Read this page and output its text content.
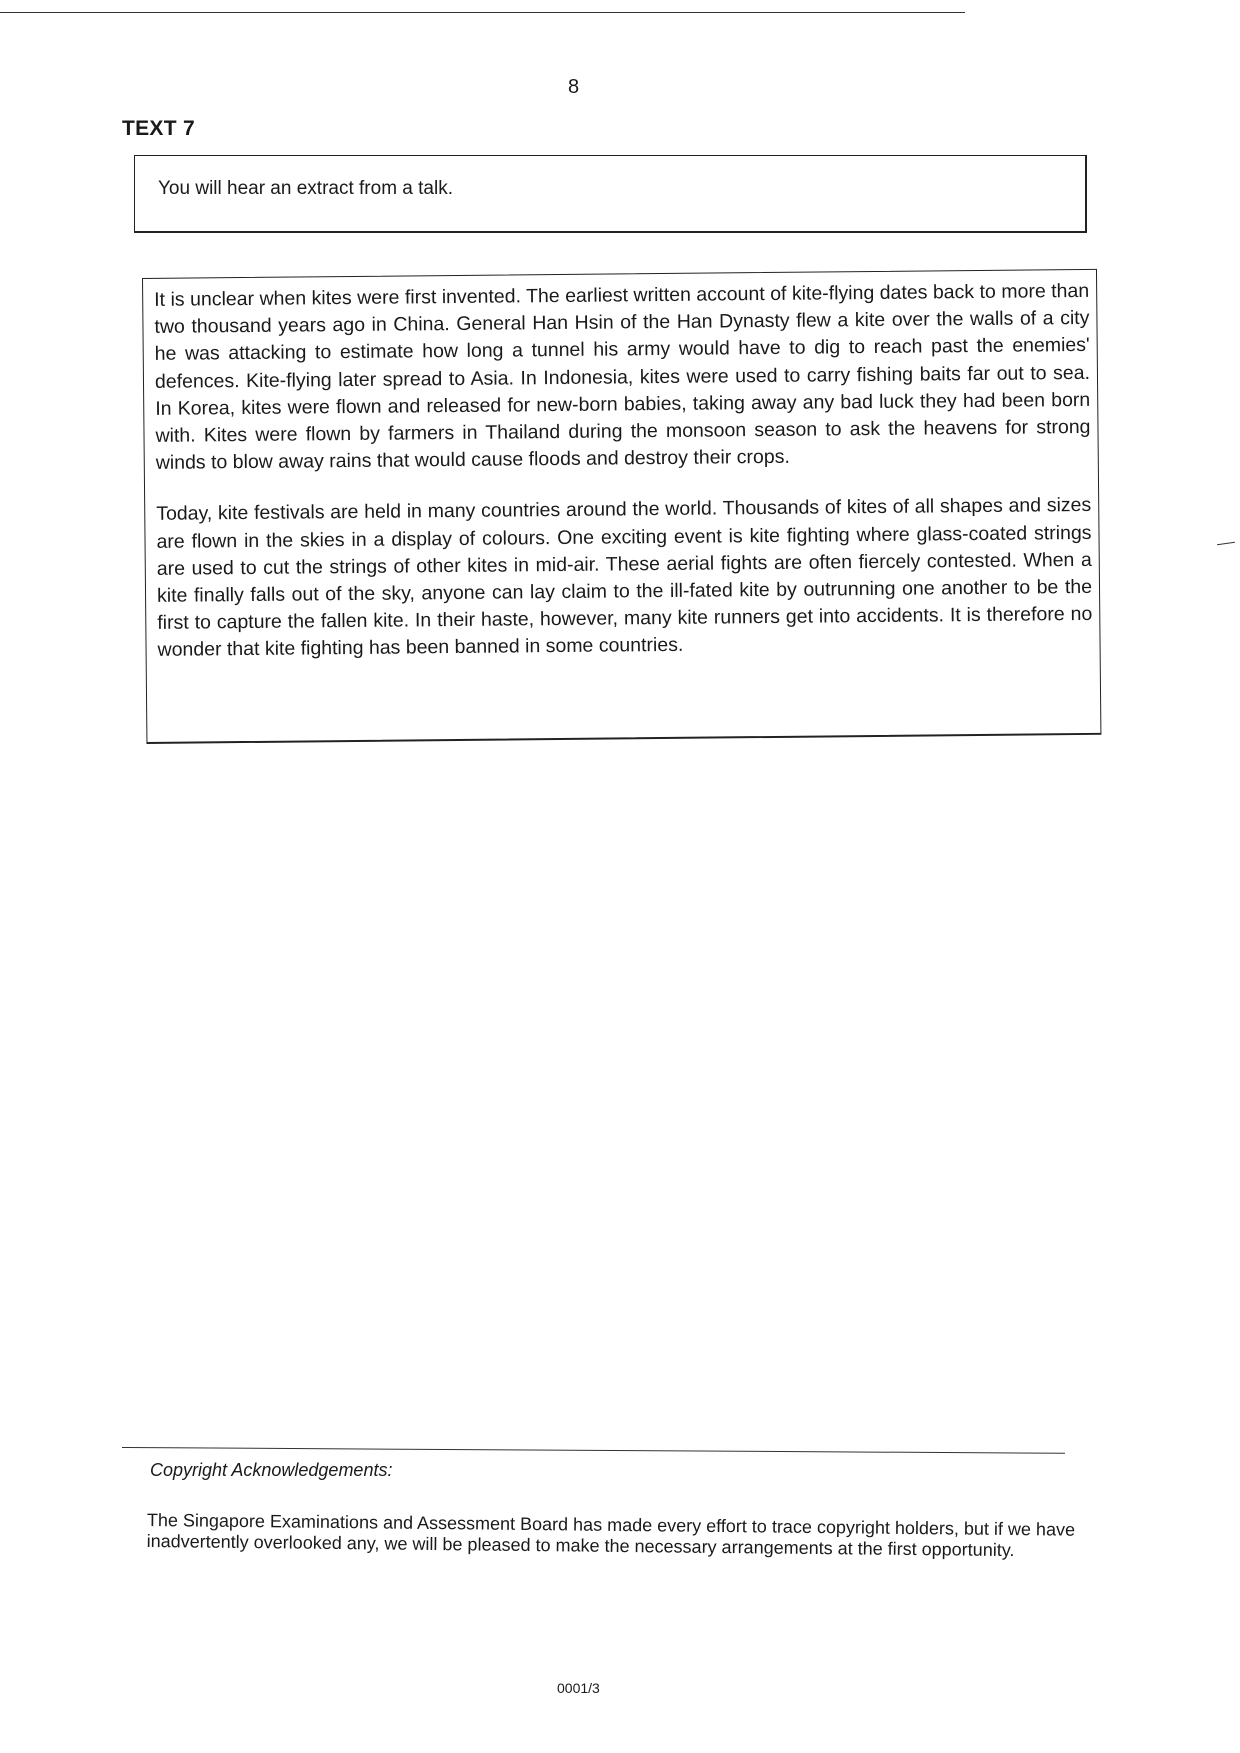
8
TEXT 7
You will hear an extract from a talk.

It is unclear when kites were first invented. The earliest written account of kite-flying dates back to more than two thousand years ago in China. General Han Hsin of the Han Dynasty flew a kite over the walls of a city he was attacking to estimate how long a tunnel his army would have to dig to reach past the enemies' defences. Kite-flying later spread to Asia. In Indonesia, kites were used to carry fishing baits far out to sea. In Korea, kites were flown and released for new-born babies, taking away any bad luck they had been born with. Kites were flown by farmers in Thailand during the monsoon season to ask the heavens for strong winds to blow away rains that would cause floods and destroy their crops.

Today, kite festivals are held in many countries around the world. Thousands of kites of all shapes and sizes are flown in the skies in a display of colours. One exciting event is kite fighting where glass-coated strings are used to cut the strings of other kites in mid-air. These aerial fights are often fiercely contested. When a kite finally falls out of the sky, anyone can lay claim to the ill-fated kite by outrunning one another to be the first to capture the fallen kite. In their haste, however, many kite runners get into accidents. It is therefore no wonder that kite fighting has been banned in some countries.

Copyright Acknowledgements:
The Singapore Examinations and Assessment Board has made every effort to trace copyright holders, but if we have inadvertently overlooked any, we will be pleased to make the necessary arrangements at the first opportunity.
0001/3
